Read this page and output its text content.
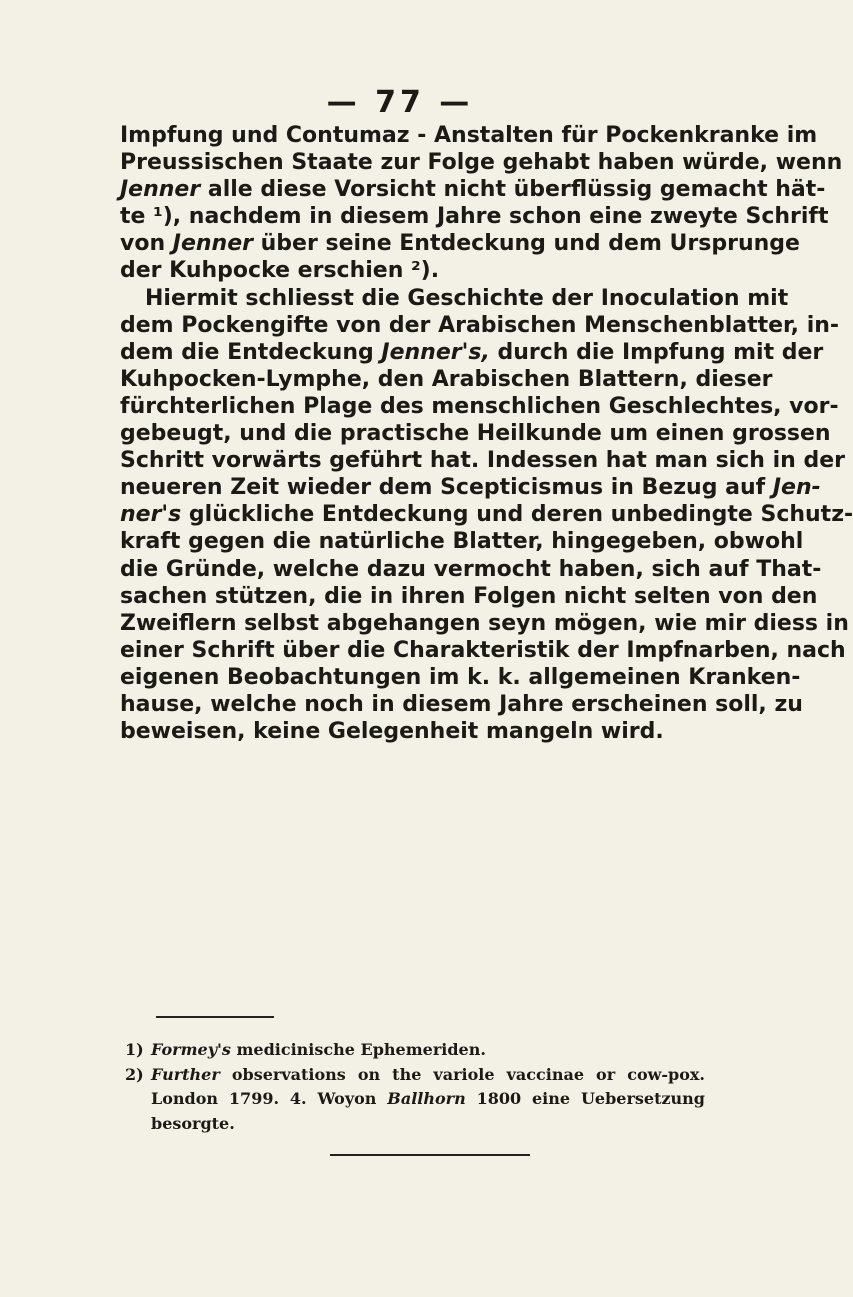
— 77 —
Impfung und Contumaz - Anstalten für Pockenkranke im
Preussischen Staate zur Folge gehabt haben würde, wenn
Jenner alle diese Vorsicht nicht überflüssig gemacht hät-
te ¹), nachdem in diesem Jahre schon eine zweyte Schrift
von Jenner über seine Entdeckung und dem Ursprunge
der Kuhpocke erschien ²).
Hiermit schliesst die Geschichte der Inoculation mit
dem Pockengifte von der Arabischen Menschenblatter, in-
dem die Entdeckung Jenner's, durch die Impfung mit der
Kuhpocken-Lymphe, den Arabischen Blattern, dieser
fürchterlichen Plage des menschlichen Geschlechtes, vor-
gebeugt, und die practische Heilkunde um einen grossen
Schritt vorwärts geführt hat. Indessen hat man sich in der
neueren Zeit wieder dem Scepticismus in Bezug auf Jen-
ner's glückliche Entdeckung und deren unbedingte Schutz-
kraft gegen die natürliche Blatter, hingegeben, obwohl
die Gründe, welche dazu vermocht haben, sich auf That-
sachen stützen, die in ihren Folgen nicht selten von den
Zweiflern selbst abgehangen seyn mögen, wie mir diess in
einer Schrift über die Charakteristik der Impfnarben, nach
eigenen Beobachtungen im k. k. allgemeinen Kranken-
hause, welche noch in diesem Jahre erscheinen soll, zu
beweisen, keine Gelegenheit mangeln wird.
1) Formey's medicinische Ephemeriden.
2) Further observations on the variole vaccinae or cow-pox.
London 1799. 4. Woyon Ballhorn 1800 eine Uebersetzung
besorgte.
